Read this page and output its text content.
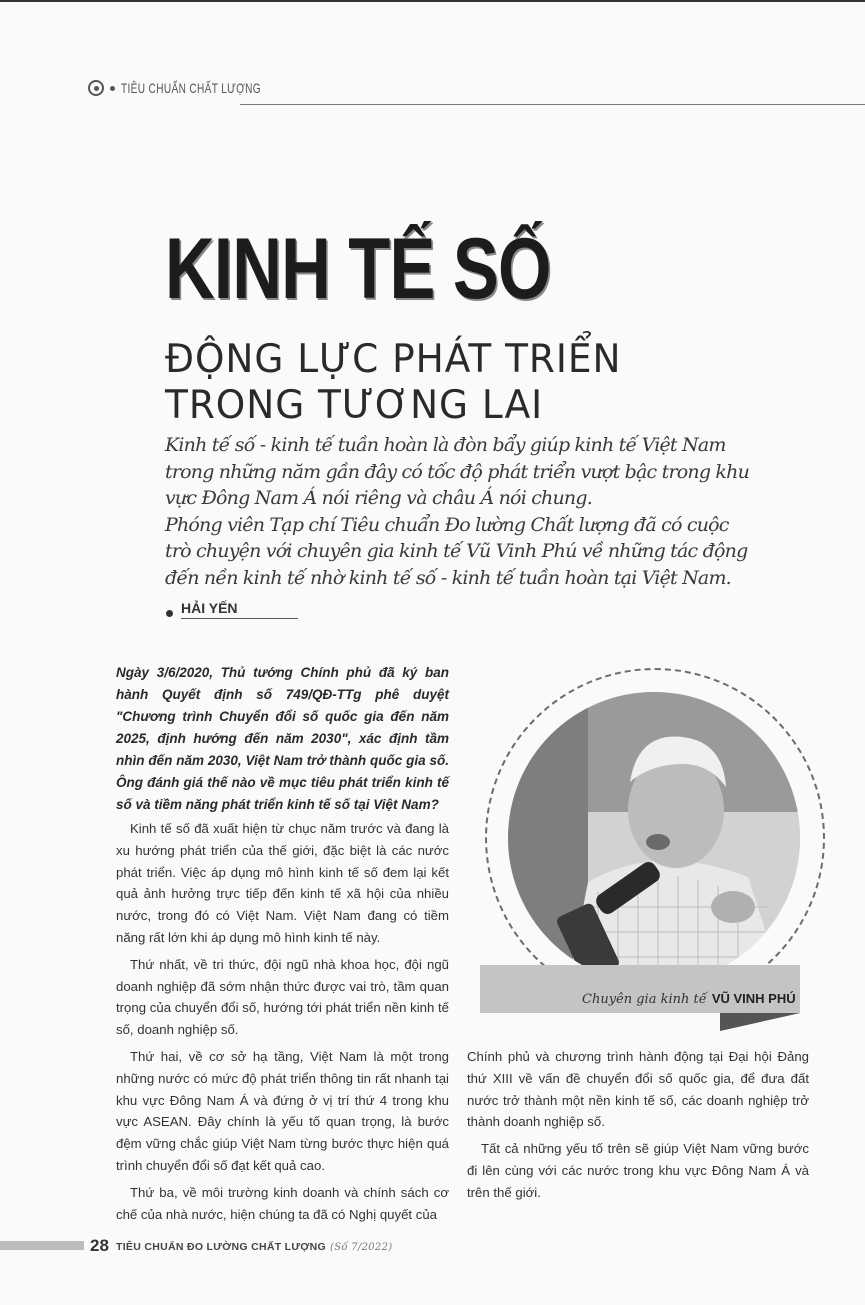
TIÊU CHUẨN CHẤT LƯỢNG
KINH TẾ SỐ
ĐỘNG LỰC PHÁT TRIỂN
TRONG TƯƠNG LAI

Kinh tế số - kinh tế tuần hoàn là đòn bẩy giúp kinh tế Việt Nam trong những năm gần đây có tốc độ phát triển vượt bậc trong khu vực Đông Nam Á nói riêng và châu Á nói chung.

Phóng viên Tạp chí Tiêu chuẩn Đo lường Chất lượng đã có cuộc trò chuyện với chuyên gia kinh tế Vũ Vinh Phú về những tác động đến nền kinh tế nhờ kinh tế số - kinh tế tuần hoàn tại Việt Nam.

HẢI YẾN

Ngày 3/6/2020, Thủ tướng Chính phủ đã ký ban hành Quyết định số 749/QĐ-TTg phê duyệt "Chương trình Chuyển đổi số quốc gia đến năm 2025, định hướng đến năm 2030", xác định tầm nhìn đến năm 2030, Việt Nam trở thành quốc gia số. Ông đánh giá thế nào về mục tiêu phát triển kinh tế số và tiềm năng phát triển kinh tế số tại Việt Nam?

Kinh tế số đã xuất hiện từ chục năm trước và đang là xu hướng phát triển của thế giới, đặc biệt là các nước phát triển. Việc áp dụng mô hình kinh tế số đem lại kết quả ảnh hưởng trực tiếp đến kinh tế xã hội của nhiều nước, trong đó có Việt Nam. Việt Nam đang có tiềm năng rất lớn khi áp dụng mô hình kinh tế này.

Thứ nhất, về tri thức, đội ngũ nhà khoa học, đội ngũ doanh nghiệp đã sớm nhận thức được vai trò, tầm quan trọng của chuyển đổi số, hướng tới phát triển nền kinh tế số, doanh nghiệp số.

Thứ hai, về cơ sở hạ tầng, Việt Nam là một trong những nước có mức độ phát triển thông tin rất nhanh tại khu vực Đông Nam Á và đứng ở vị trí thứ 4 trong khu vực ASEAN. Đây chính là yếu tố quan trọng, là bước đệm vững chắc giúp Việt Nam từng bước thực hiện quá trình chuyển đổi số đạt kết quả cao.

Thứ ba, về môi trường kinh doanh và chính sách cơ chế của nhà nước, hiện chúng ta đã có Nghị quyết của

Chuyên gia kinh tế VŨ VINH PHÚ

Chính phủ và chương trình hành động tại Đại hội Đảng thứ XIII về vấn đề chuyển đổi số quốc gia, để đưa đất nước trở thành một nền kinh tế số, các doanh nghiệp trở thành doanh nghiệp số.

Tất cả những yếu tố trên sẽ giúp Việt Nam vững bước đi lên cùng với các nước trong khu vực Đông Nam Á và trên thế giới.

28 TIÊU CHUẨN ĐO LƯỜNG CHẤT LƯỢNG (Số 7/2022)
